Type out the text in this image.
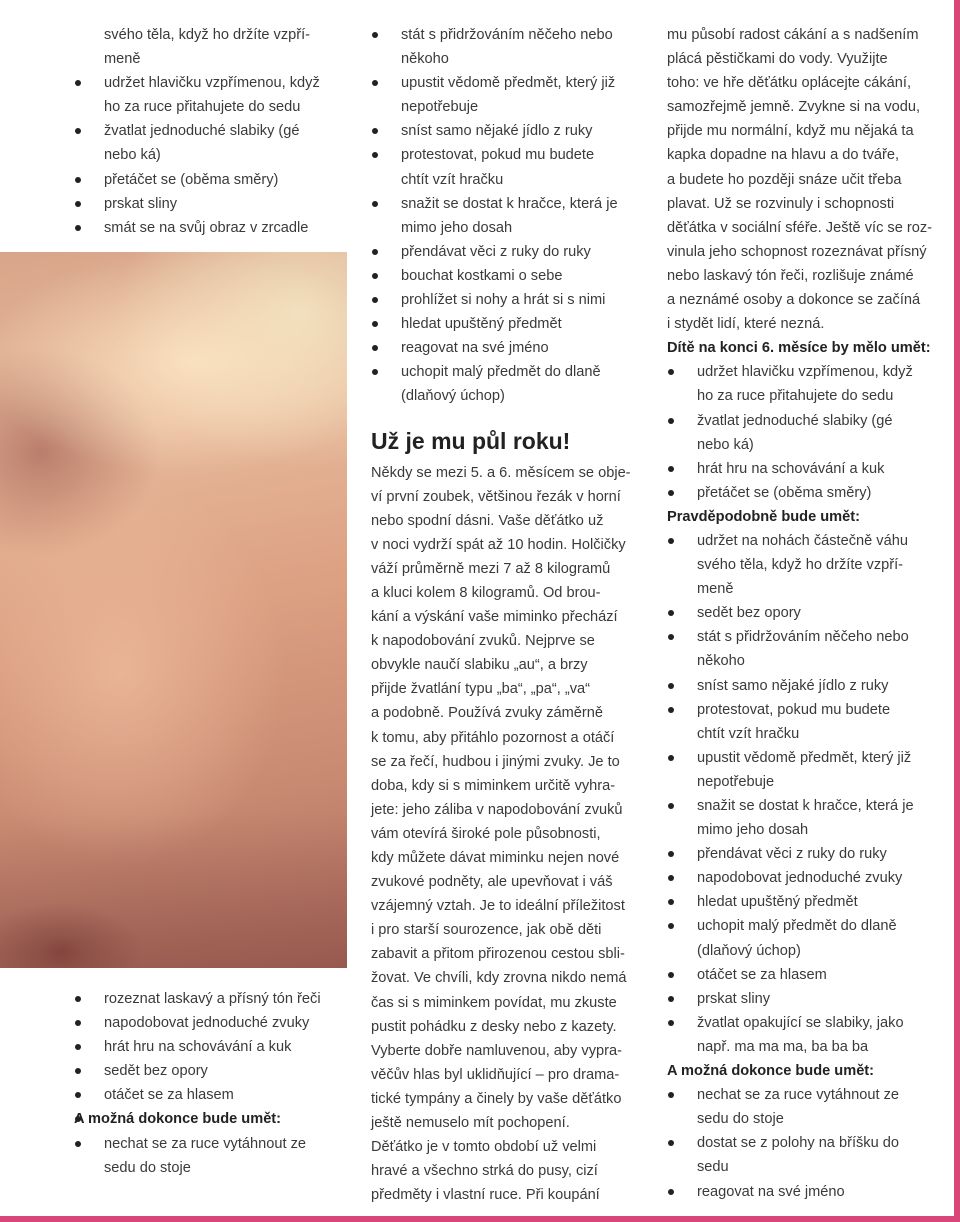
svého těla, když ho držíte vzpří-
meně
udržet hlavičku vzpřímenou, když
ho za ruce přitahujete do sedu
žvatlat jednoduché slabiky (gé
nebo ká)
přetáčet se (oběma směry)
prskat sliny
smát se na svůj obraz v zrcadle
rozeznat laskavý a přísný tón řeči
napodobovat jednoduché zvuky
hrát hru na schovávání a kuk
sedět bez opory
otáčet se za hlasem
A možná dokonce bude umět:
nechat se za ruce vytáhnout ze
sedu do stoje
stát s přidržováním něčeho nebo
někoho
upustit vědomě předmět, který již
nepotřebuje
sníst samo nějaké jídlo z ruky
protestovat, pokud mu budete
chtít vzít hračku
snažit se dostat k hračce, která je
mimo jeho dosah
přendávat věci z ruky do ruky
bouchat kostkami o sebe
prohlížet si nohy a hrát si s nimi
hledat upuštěný předmět
reagovat na své jméno
uchopit malý předmět do dlaně
(dlaňový úchop)
Už je mu půl roku!
Někdy se mezi 5. a 6. měsícem se obje-
ví první zoubek, většinou řezák v horní
nebo spodní dásni. Vaše děťátko už
v noci vydrží spát až 10 hodin. Holčičky
váží průměrně mezi 7 až 8 kilogramů
a kluci kolem 8 kilogramů. Od brou-
kání a výskání vaše miminko přechází
k napodobování zvuků. Nejprve se
obvykle naučí slabiku „au“, a brzy
přijde žvatlání typu „ba“, „pa“, „va“
a podobně. Používá zvuky záměrně
k tomu, aby přitáhlo pozornost a otáčí
se za řečí, hudbou i jinými zvuky. Je to
doba, kdy si s miminkem určitě vyhra-
jete: jeho záliba v napodobování zvuků
vám otevírá široké pole působnosti,
kdy můžete dávat miminku nejen nové
zvukové podněty, ale upevňovat i váš
vzájemný vztah. Je to ideální příležitost
i pro starší sourozence, jak obě děti
zabavit a přitom přirozenou cestou sbli-
žovat. Ve chvíli, kdy zrovna nikdo nemá
čas si s miminkem povídat, mu zkuste
pustit pohádku z desky nebo z kazety.
Vyberte dobře namluvenou, aby vypra-
věčův hlas byl uklidňující – pro drama-
tické tympány a činely by vaše děťátko
ještě nemuselo mít pochopení.
Děťátko je v tomto období už velmi
hravé a všechno strká do pusy, cizí
předměty i vlastní ruce. Při koupání
mu působí radost cákání a s nadšením
plácá pěstičkami do vody. Využijte
toho: ve hře děťátku oplácejte cákání,
samozřejmě jemně. Zvykne si na vodu,
přijde mu normální, když mu nějaká ta
kapka dopadne na hlavu a do tváře,
a budete ho později snáze učit třeba
plavat. Už se rozvinuly i schopnosti
děťátka v sociální sféře. Ještě víc se roz-
vinula jeho schopnost rozeznávat přísný
nebo laskavý tón řeči, rozlišuje známé
a neznámé osoby a dokonce se začíná
i stydět lidí, které nezná.
Dítě na konci 6. měsíce by mělo umět:
udržet hlavičku vzpřímenou, když
ho za ruce přitahujete do sedu
žvatlat jednoduché slabiky (gé
nebo ká)
hrát hru na schovávání a kuk
přetáčet se (oběma směry)
Pravděpodobně bude umět:
udržet na nohách částečně váhu
svého těla, když ho držíte vzpří-
meně
sedět bez opory
stát s přidržováním něčeho nebo
někoho
sníst samo nějaké jídlo z ruky
protestovat, pokud mu budete
chtít vzít hračku
upustit vědomě předmět, který již
nepotřebuje
snažit se dostat k hračce, která je
mimo jeho dosah
přendávat věci z ruky do ruky
napodobovat jednoduché zvuky
hledat upuštěný předmět
uchopit malý předmět do dlaně
(dlaňový úchop)
otáčet se za hlasem
prskat sliny
žvatlat opakující se slabiky, jako
např. ma ma ma, ba ba ba
A možná dokonce bude umět:
nechat se za ruce vytáhnout ze
sedu do stoje
dostat se z polohy na bříšku do
sedu
reagovat na své jméno
